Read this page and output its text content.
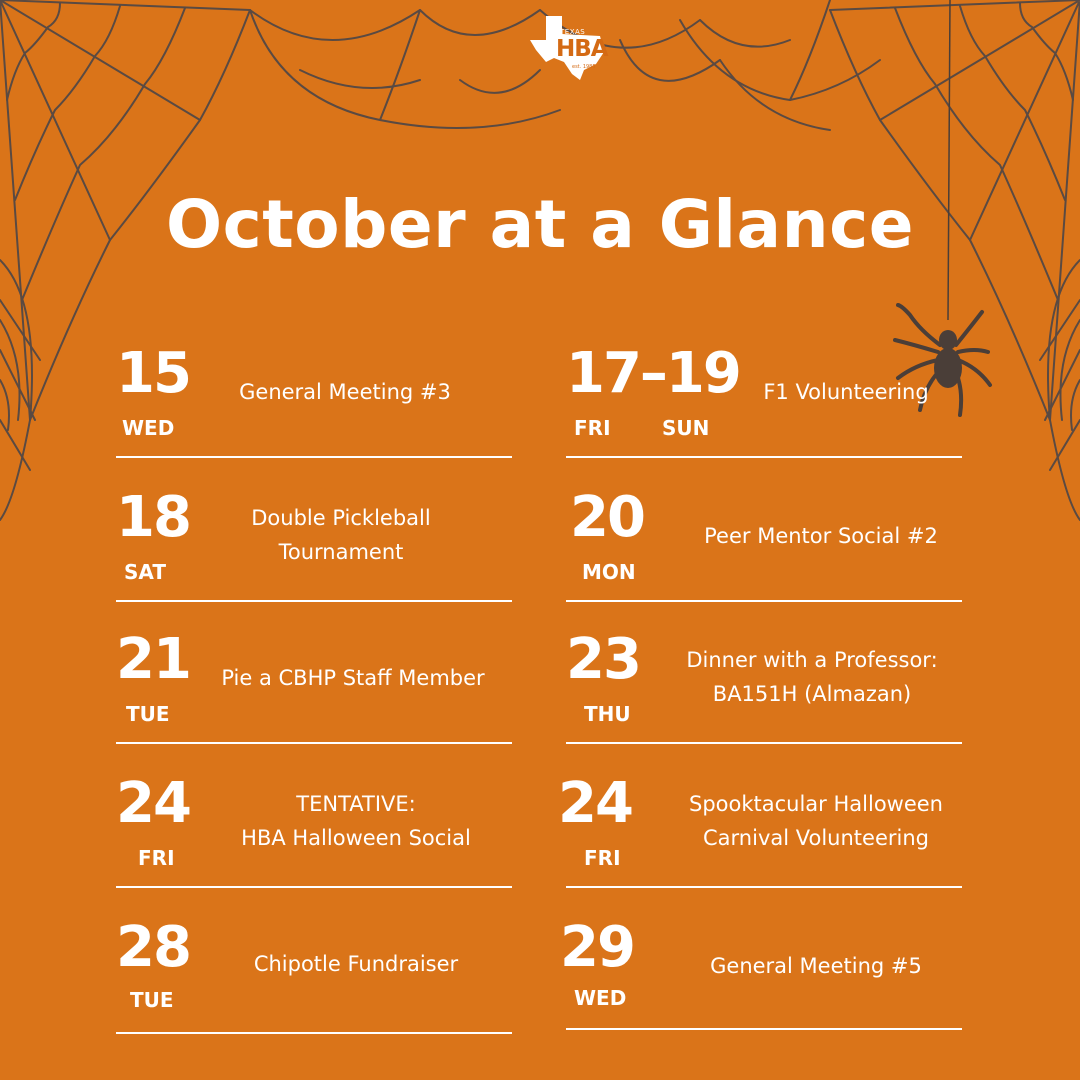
TEXAS
HBA
est. 1985
October at a Glance
15
WED
General Meeting #3
18
SAT
Double Pickleball
Tournament
21
TUE
Pie a CBHP Staff Member
24
FRI
TENTATIVE:
HBA Halloween Social
28
TUE
Chipotle Fundraiser
17–19
FRI	SUN
F1 Volunteering
20
MON
Peer Mentor Social #2
23
THU
Dinner with a Professor:
BA151H (Almazan)
24
FRI
Spooktacular Halloween
Carnival Volunteering
29
WED
General Meeting #5
